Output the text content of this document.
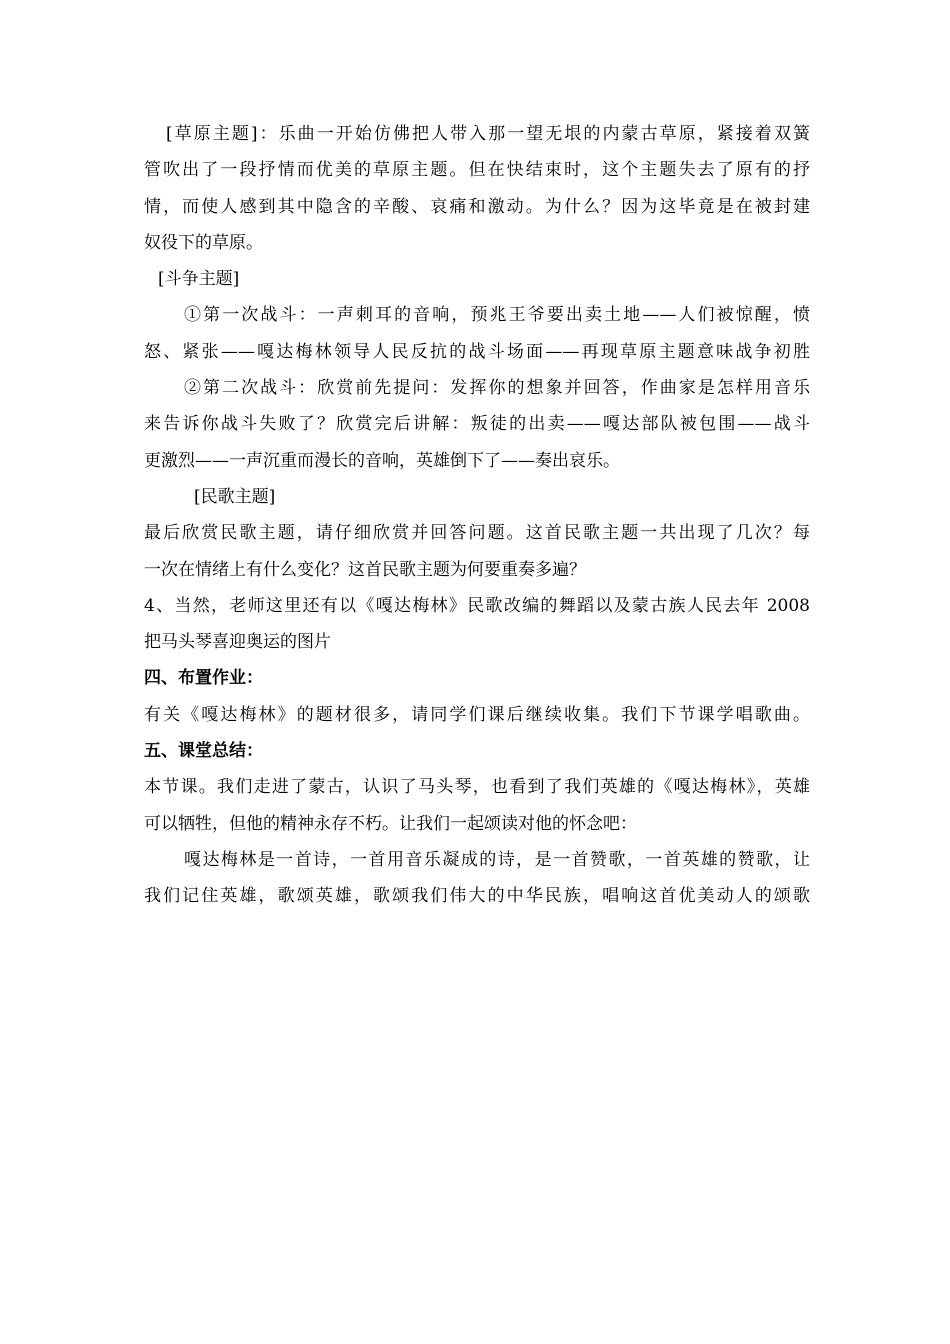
[草原主题]：乐曲一开始仿佛把人带入那一望无垠的内蒙古草原，紧接着双簧
管吹出了一段抒情而优美的草原主题。但在快结束时，这个主题失去了原有的抒
情，而使人感到其中隐含的辛酸、哀痛和激动。为什么？因为这毕竟是在被封建
奴役下的草原。
[斗争主题]
①第一次战斗：一声刺耳的音响，预兆王爷要出卖土地——人们被惊醒，愤
怒、紧张——嘎达梅林领导人民反抗的战斗场面——再现草原主题意味战争初胜
②第二次战斗：欣赏前先提问：发挥你的想象并回答，作曲家是怎样用音乐
来告诉你战斗失败了？欣赏完后讲解：叛徒的出卖——嘎达部队被包围——战斗
更激烈——一声沉重而漫长的音响，英雄倒下了——奏出哀乐。
[民歌主题]
最后欣赏民歌主题，请仔细欣赏并回答问题。这首民歌主题一共出现了几次？每
一次在情绪上有什么变化？这首民歌主题为何要重奏多遍？
4、当然，老师这里还有以《嘎达梅林》民歌改编的舞蹈以及蒙古族人民去年 2008
把马头琴喜迎奥运的图片
四、布置作业：
有关《嘎达梅林》的题材很多，请同学们课后继续收集。我们下节课学唱歌曲。
五、课堂总结：
本节课。我们走进了蒙古，认识了马头琴，也看到了我们英雄的《嘎达梅林》，英雄
可以牺牲，但他的精神永存不朽。让我们一起颂读对他的怀念吧：
嘎达梅林是一首诗，一首用音乐凝成的诗，是一首赞歌，一首英雄的赞歌，让
我们记住英雄，歌颂英雄，歌颂我们伟大的中华民族，唱响这首优美动人的颂歌
